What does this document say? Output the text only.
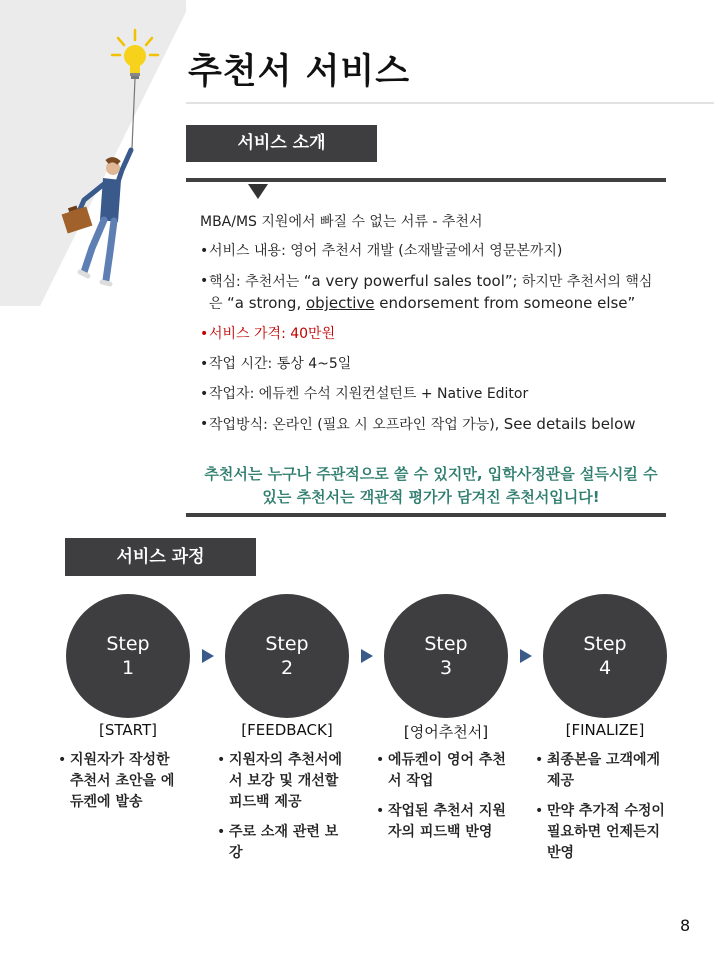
추천서 서비스
서비스 소개
MBA/MS 지원에서 빠질 수 없는 서류 - 추천서
• 서비스 내용: 영어 추천서 개발 (소재발굴에서 영문본까지)
• 핵심: 추천서는 “a very powerful sales tool”; 하지만 추천서의 핵심은 “a strong, objective endorsement from someone else”
• 서비스 가격: 40만원
• 작업 시간: 통상 4~5일
• 작업자: 에듀켄 수석 지원컨설턴트 + Native Editor
• 작업방식: 온라인 (필요 시 오프라인 작업 가능), See details below
추천서는 누구나 주관적으로 쓸 수 있지만, 입학사정관을 설득시킬 수 있는 추천서는 객관적 평가가 담겨진 추천서입니다!
서비스 과정
Step
1
Step
2
Step
3
Step
4
[START]	[FEEDBACK]	[영어추천서]	[FINALIZE]
• 지원자가 작성한 추천서 초안을 에듀켄에 발송
• 지원자의 추천서에서 보강 및 개선할 피드백 제공
• 주로 소재 관련 보강
• 에듀켄이 영어 추천서 작업
• 작업된 추천서 지원자의 피드백 반영
• 최종본을 고객에게 제공
• 만약 추가적 수정이 필요하면 언제든지 반영
8
